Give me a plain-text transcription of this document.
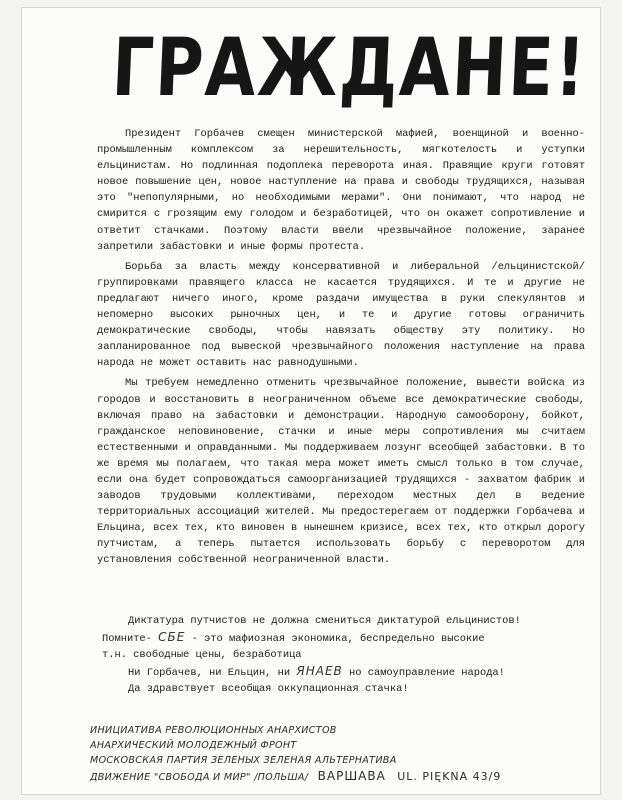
ГРАЖДАНЕ!

Президент Горбачев смещен министерской мафией, военщиной и военно-промышленным комплексом за нерешительность, мягкотелость и уступки ельцинистам. Но подлинная подоплека переворота иная. Правящие круги готовят новое повышение цен, новое наступление на права и свободы трудящихся, называя это "непопулярными, но необходимыми мерами". Они понимают, что народ не смирится с грозящим ему голодом и безработицей, что он окажет сопротивление и ответит стачками. Поэтому власти ввели чрезвычайное положение, заранее запретили забастовки и иные формы протеста.

Борьба за власть между консервативной и либеральной /ельцинистской/ группировками правящего класса не касается трудящихся. И те и другие не предлагают ничего иного, кроме раздачи имущества в руки спекулянтов и непомерно высоких рыночных цен, и те и другие готовы ограничить демократические свободы, чтобы навязать обществу эту политику. Но запланированное под вывеской чрезвычайного положения наступление на права народа не может оставить нас равнодушными.

Мы требуем немедленно отменить чрезвычайное положение, вывести войска из городов и восстановить в неограниченном объеме все демократические свободы, включая право на забастовки и демонстрации. Народную самооборону, бойкот, гражданское неповиновение, стачки и иные меры сопротивления мы считаем естественными и оправданными. Мы поддерживаем лозунг всеобщей забастовки. В то же время мы полагаем, что такая мера может иметь смысл только в том случае, если она будет сопровождаться самоорганизацией трудящихся - захватом фабрик и заводов трудовыми коллективами, переходом местных дел в ведение территориальных ассоциаций жителей. Мы предостерегаем от поддержки Горбачева и Ельцина, всех тех, кто виновен в нынешнем кризисе, всех тех, кто открыл дорогу путчистам, а теперь пытается использовать борьбу с переворотом для установления собственной неограниченной власти.

Диктатура путчистов не должна смениться диктатурой ельцинистов!
Помните- СБЕ - это мафиозная экономика, беспредельно высокие
т.н. свободные цены, безработица
Ни Горбачев, ни Ельцин, ни ЯНАЕВ но самоуправление народа!
Да здравствует всеобщая оккупационная стачка!
ИНИЦИАТИВА РЕВОЛЮЦИОННЫХ АНАРХИСТОВ
АНАРХИЧЕСКИЙ МОЛОДЕЖНЫЙ ФРОНТ
МОСКОВСКАЯ ПАРТИЯ ЗЕЛЕНЫХ ЗЕЛЕНАЯ АЛЬТЕРНАТИВА
ДВИЖЕНИЕ "СВОБОДА И МИР" /ПОЛЬША/ ВАРШАВА UL. PIĘKNA 43/9
